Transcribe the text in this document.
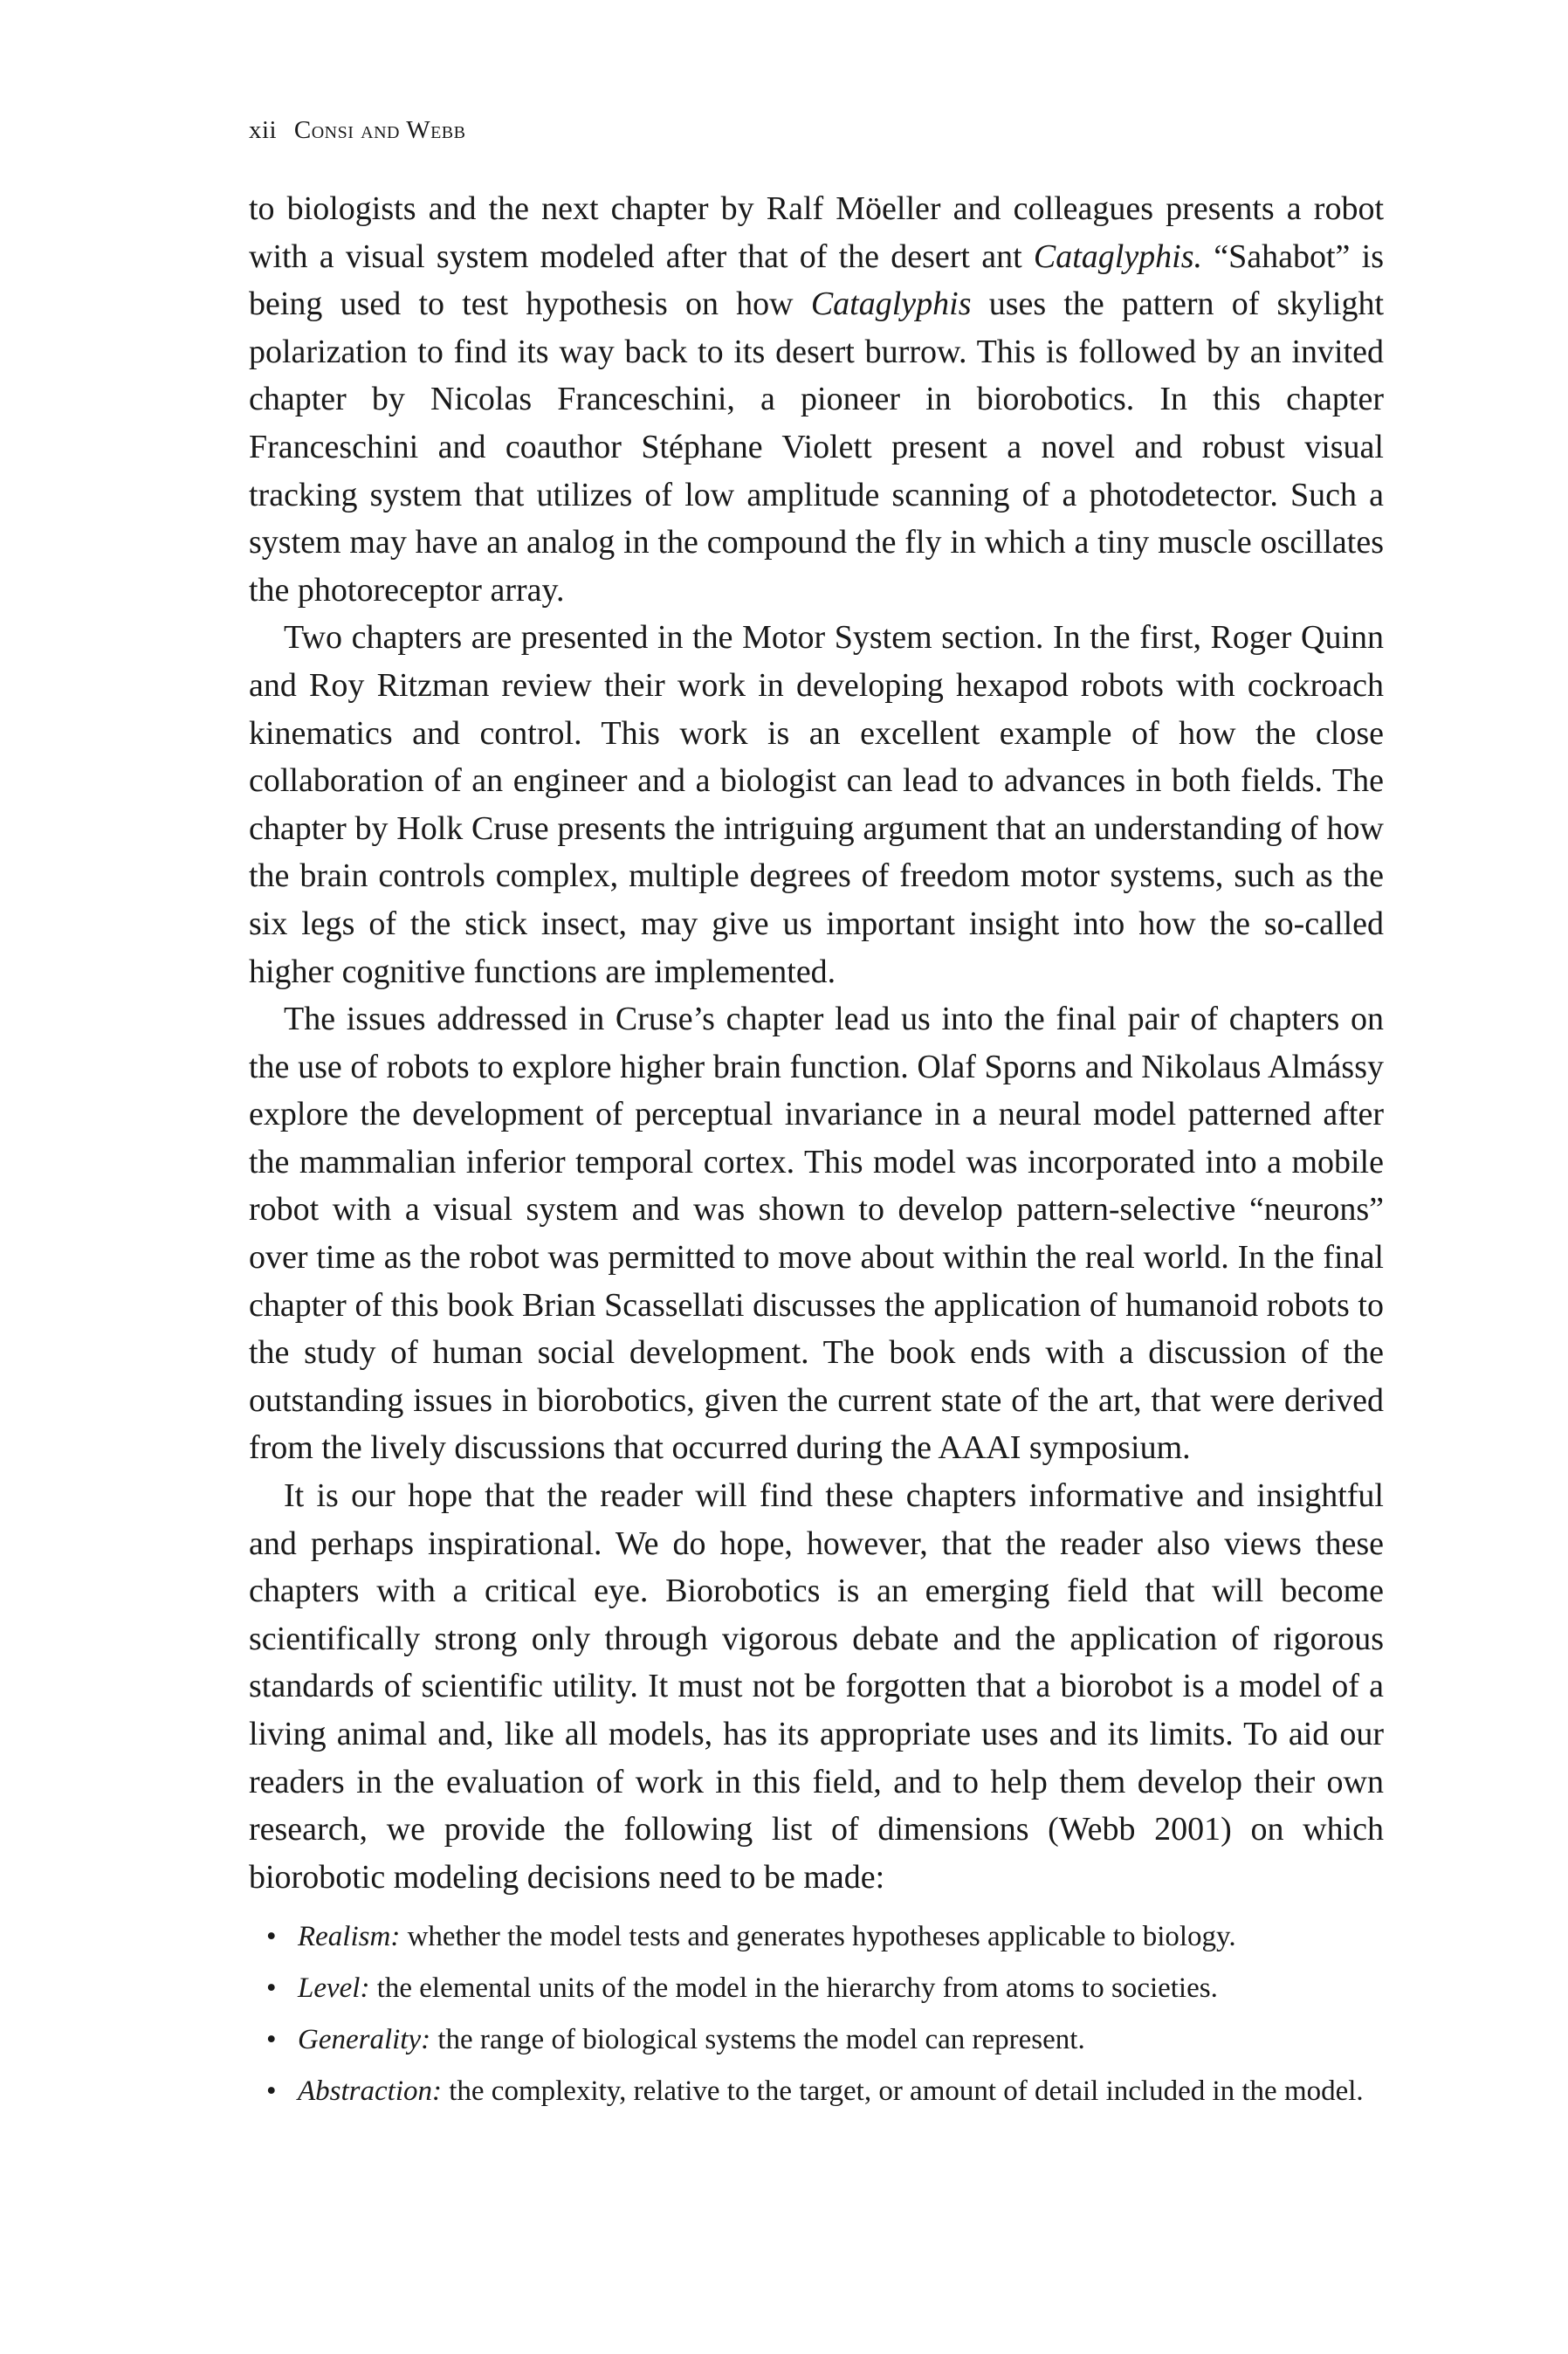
xii Consi and Webb

to biologists and the next chapter by Ralf Möeller and colleagues presents a robot with a visual system modeled after that of the desert ant Cataglyphis. “Sahabot” is being used to test hypothesis on how Cataglyphis uses the pattern of skylight polarization to find its way back to its desert burrow. This is followed by an invited chapter by Nicolas Franceschini, a pioneer in biorobotics. In this chapter Franceschini and coauthor Stéphane Violett present a novel and robust visual tracking system that utilizes of low amplitude scanning of a photodetector. Such a system may have an analog in the compound the fly in which a tiny muscle oscillates the photoreceptor array.

Two chapters are presented in the Motor System section. In the first, Roger Quinn and Roy Ritzman review their work in developing hexapod robots with cockroach kinematics and control. This work is an excellent example of how the close collaboration of an engineer and a biologist can lead to advances in both fields. The chapter by Holk Cruse presents the intriguing argument that an understanding of how the brain controls complex, multiple degrees of freedom motor systems, such as the six legs of the stick insect, may give us important insight into how the so-called higher cognitive functions are implemented.

The issues addressed in Cruse’s chapter lead us into the final pair of chapters on the use of robots to explore higher brain function. Olaf Sporns and Nikolaus Almássy explore the development of perceptual invariance in a neural model patterned after the mammalian inferior temporal cortex. This model was incorporated into a mobile robot with a visual system and was shown to develop pattern-selective “neurons” over time as the robot was permitted to move about within the real world. In the final chapter of this book Brian Scassellati discusses the application of humanoid robots to the study of human social development. The book ends with a discussion of the outstanding issues in biorobotics, given the current state of the art, that were derived from the lively discussions that occurred during the AAAI symposium.

It is our hope that the reader will find these chapters informative and insightful and perhaps inspirational. We do hope, however, that the reader also views these chapters with a critical eye. Biorobotics is an emerging field that will become scientifically strong only through vigorous debate and the application of rigorous standards of scientific utility. It must not be forgotten that a biorobot is a model of a living animal and, like all models, has its appropriate uses and its limits. To aid our readers in the evaluation of work in this field, and to help them develop their own research, we provide the following list of dimensions (Webb 2001) on which biorobotic modeling decisions need to be made:

• Realism: whether the model tests and generates hypotheses applicable to biology.
• Level: the elemental units of the model in the hierarchy from atoms to societies.
• Generality: the range of biological systems the model can represent.
• Abstraction: the complexity, relative to the target, or amount of detail included in the model.
